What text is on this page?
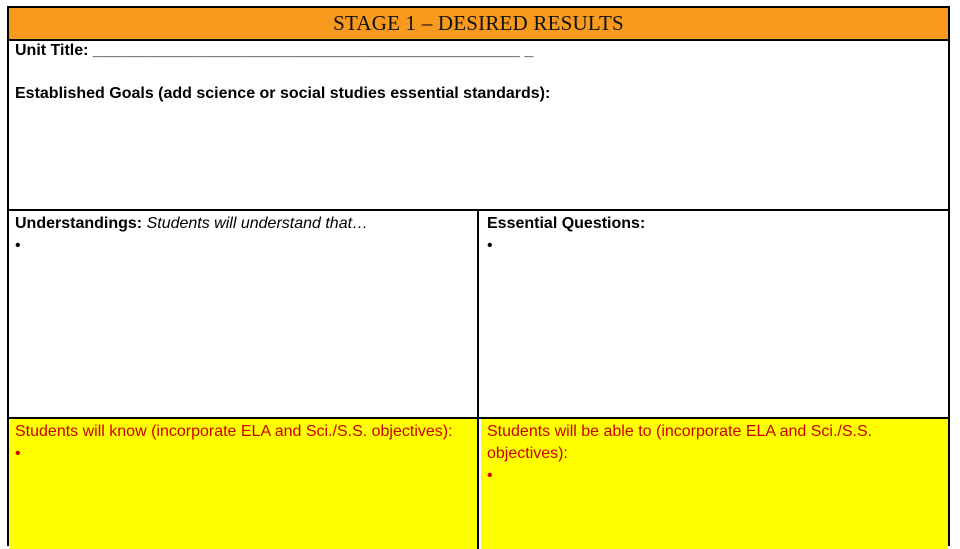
STAGE 1 – DESIRED RESULTS
Unit Title: ________________________________________________ _
Established Goals (add science or social studies essential standards):
Understandings: Students will understand that…
•
Essential Questions:
•
Students will know (incorporate ELA and Sci./S.S. objectives):
•
Students will be able to (incorporate ELA and Sci./S.S. objectives):
•
